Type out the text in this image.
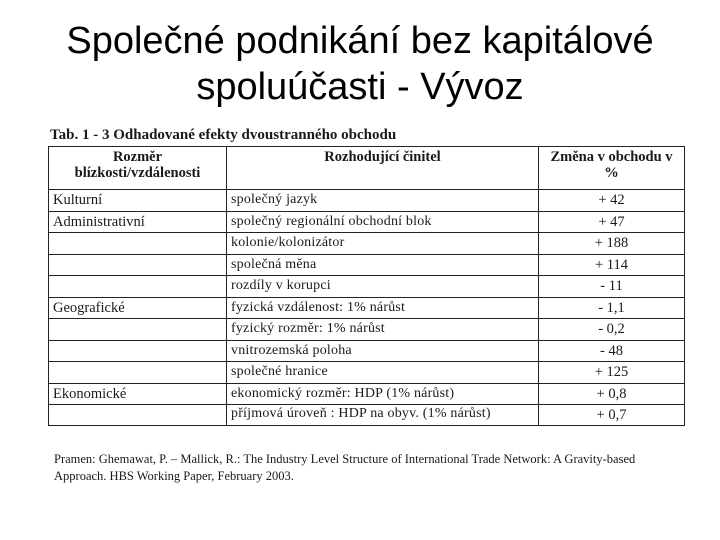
Společné podnikání bez kapitálové
spoluúčasti - Vývoz
Tab. 1 - 3 Odhadované efekty dvoustranného obchodu
Rozměr blízkosti/vzdálenosti	Rozhodující činitel	Změna v obchodu v %
Kulturní	společný jazyk	+ 42
Administrativní	společný regionální obchodní blok	+ 47
	kolonie/kolonizátor	+ 188
	společná měna	+ 114
	rozdíly v korupci	- 11
Geografické	fyzická vzdálenost: 1% nárůst	- 1,1
	fyzický rozměr: 1% nárůst	- 0,2
	vnitrozemská poloha	- 48
	společné hranice	+ 125
Ekonomické	ekonomický rozměr: HDP (1% nárůst)	+ 0,8
	příjmová úroveň : HDP na obyv. (1% nárůst)	+ 0,7
Pramen: Ghemawat, P. – Mallick, R.: The Industry Level Structure of International Trade Network: A Gravity-based Approach. HBS Working Paper, February 2003.
